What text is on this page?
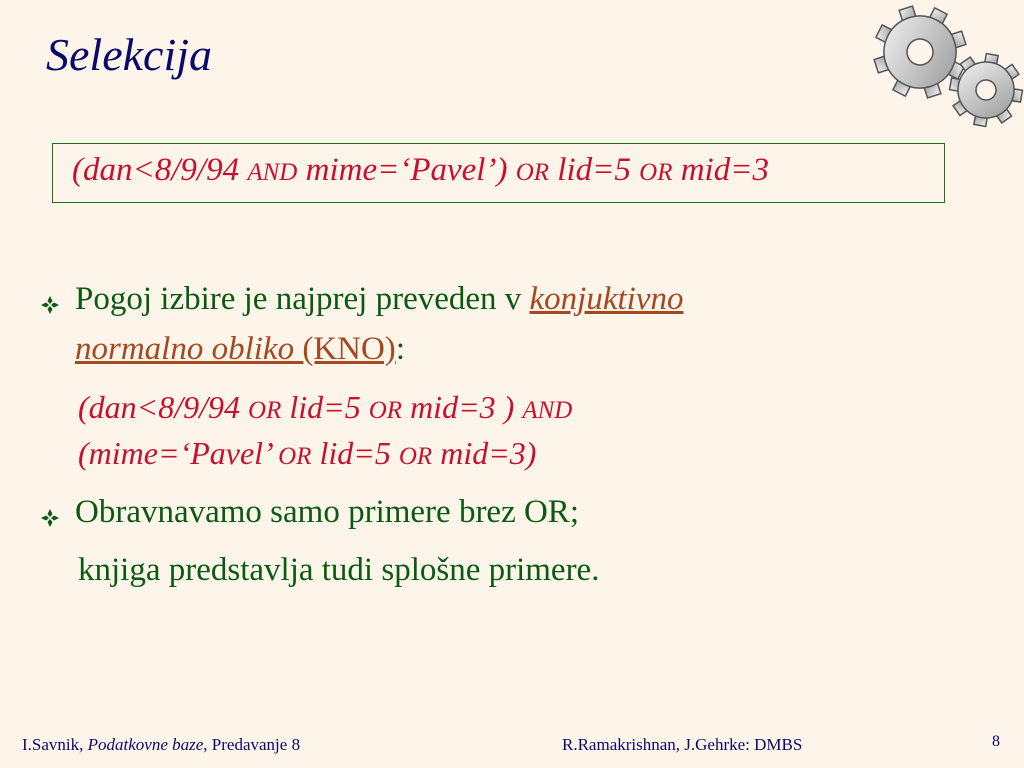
Selekcija
(dan<8/9/94 AND mime=‘Pavel’) OR lid=5 OR mid=3
Pogoj izbire je najprej preveden v konjuktivno
normalno obliko (KNO):
(dan<8/9/94 OR lid=5 OR mid=3 ) AND
(mime=‘Pavel’ OR lid=5 OR mid=3)
Obravnavamo samo primere brez OR;
knjiga predstavlja tudi splošne primere.
I.Savnik, Podatkovne baze, Predavanje 8	R.Ramakrishnan, J.Gehrke: DMBS	8
